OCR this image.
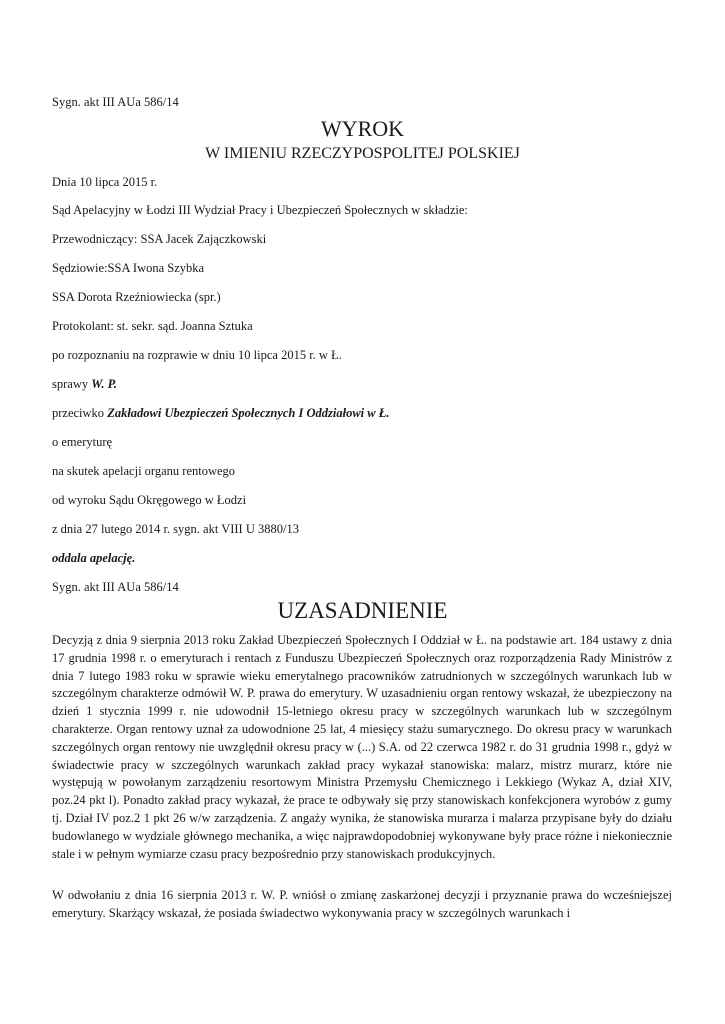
Sygn. akt III AUa 586/14
WYROK
W IMIENIU RZECZYPOSPOLITEJ POLSKIEJ
Dnia 10 lipca 2015 r.
Sąd Apelacyjny w Łodzi III Wydział Pracy i Ubezpieczeń Społecznych w składzie:
Przewodniczący: SSA Jacek Zajączkowski
Sędziowie:SSA Iwona Szybka
SSA Dorota Rzeźniowiecka (spr.)
Protokolant: st. sekr. sąd. Joanna Sztuka
po rozpoznaniu na rozprawie w dniu 10 lipca 2015 r. w Ł.
sprawy W. P.
przeciwko Zakładowi Ubezpieczeń Społecznych I Oddziałowi w Ł.
o emeryturę
na skutek apelacji organu rentowego
od wyroku Sądu Okręgowego w Łodzi
z dnia 27 lutego 2014 r. sygn. akt VIII U 3880/13
oddala apelację.
Sygn. akt III AUa 586/14
UZASADNIENIE
Decyzją z dnia 9 sierpnia 2013 roku Zakład Ubezpieczeń Społecznych I Oddział w Ł. na podstawie art. 184 ustawy z dnia 17 grudnia 1998 r. o emeryturach i rentach z Funduszu Ubezpieczeń Społecznych oraz rozporządzenia Rady Ministrów z dnia 7 lutego 1983 roku w sprawie wieku emerytalnego pracowników zatrudnionych w szczególnych warunkach lub w szczególnym charakterze odmówił W. P. prawa do emerytury. W uzasadnieniu organ rentowy wskazał, że ubezpieczony na dzień 1 stycznia 1999 r. nie udowodnił 15-letniego okresu pracy w szczególnych warunkach lub w szczególnym charakterze. Organ rentowy uznał za udowodnione 25 lat, 4 miesięcy stażu sumarycznego. Do okresu pracy w warunkach szczególnych organ rentowy nie uwzględnił okresu pracy w (...) S.A. od 22 czerwca 1982 r. do 31 grudnia 1998 r., gdyż w świadectwie pracy w szczególnych warunkach zakład pracy wykazał stanowiska: malarz, mistrz murarz, które nie występują w powołanym zarządzeniu resortowym Ministra Przemysłu Chemicznego i Lekkiego (Wykaz A, dział XIV, poz.24 pkt l). Ponadto zakład pracy wykazał, że prace te odbywały się przy stanowiskach konfekcjonera wyrobów z gumy tj. Dział IV poz.2 1 pkt 26 w/w zarządzenia. Z angaży wynika, że stanowiska murarza i malarza przypisane były do działu budowlanego w wydziale głównego mechanika, a więc najprawdopodobniej wykonywane były prace różne i niekoniecznie stale i w pełnym wymiarze czasu pracy bezpośrednio przy stanowiskach produkcyjnych.
W odwołaniu z dnia 16 sierpnia 2013 r. W. P. wniósł o zmianę zaskarżonej decyzji i przyznanie prawa do wcześniejszej emerytury. Skarżący wskazał, że posiada świadectwo wykonywania pracy w szczególnych warunkach i
